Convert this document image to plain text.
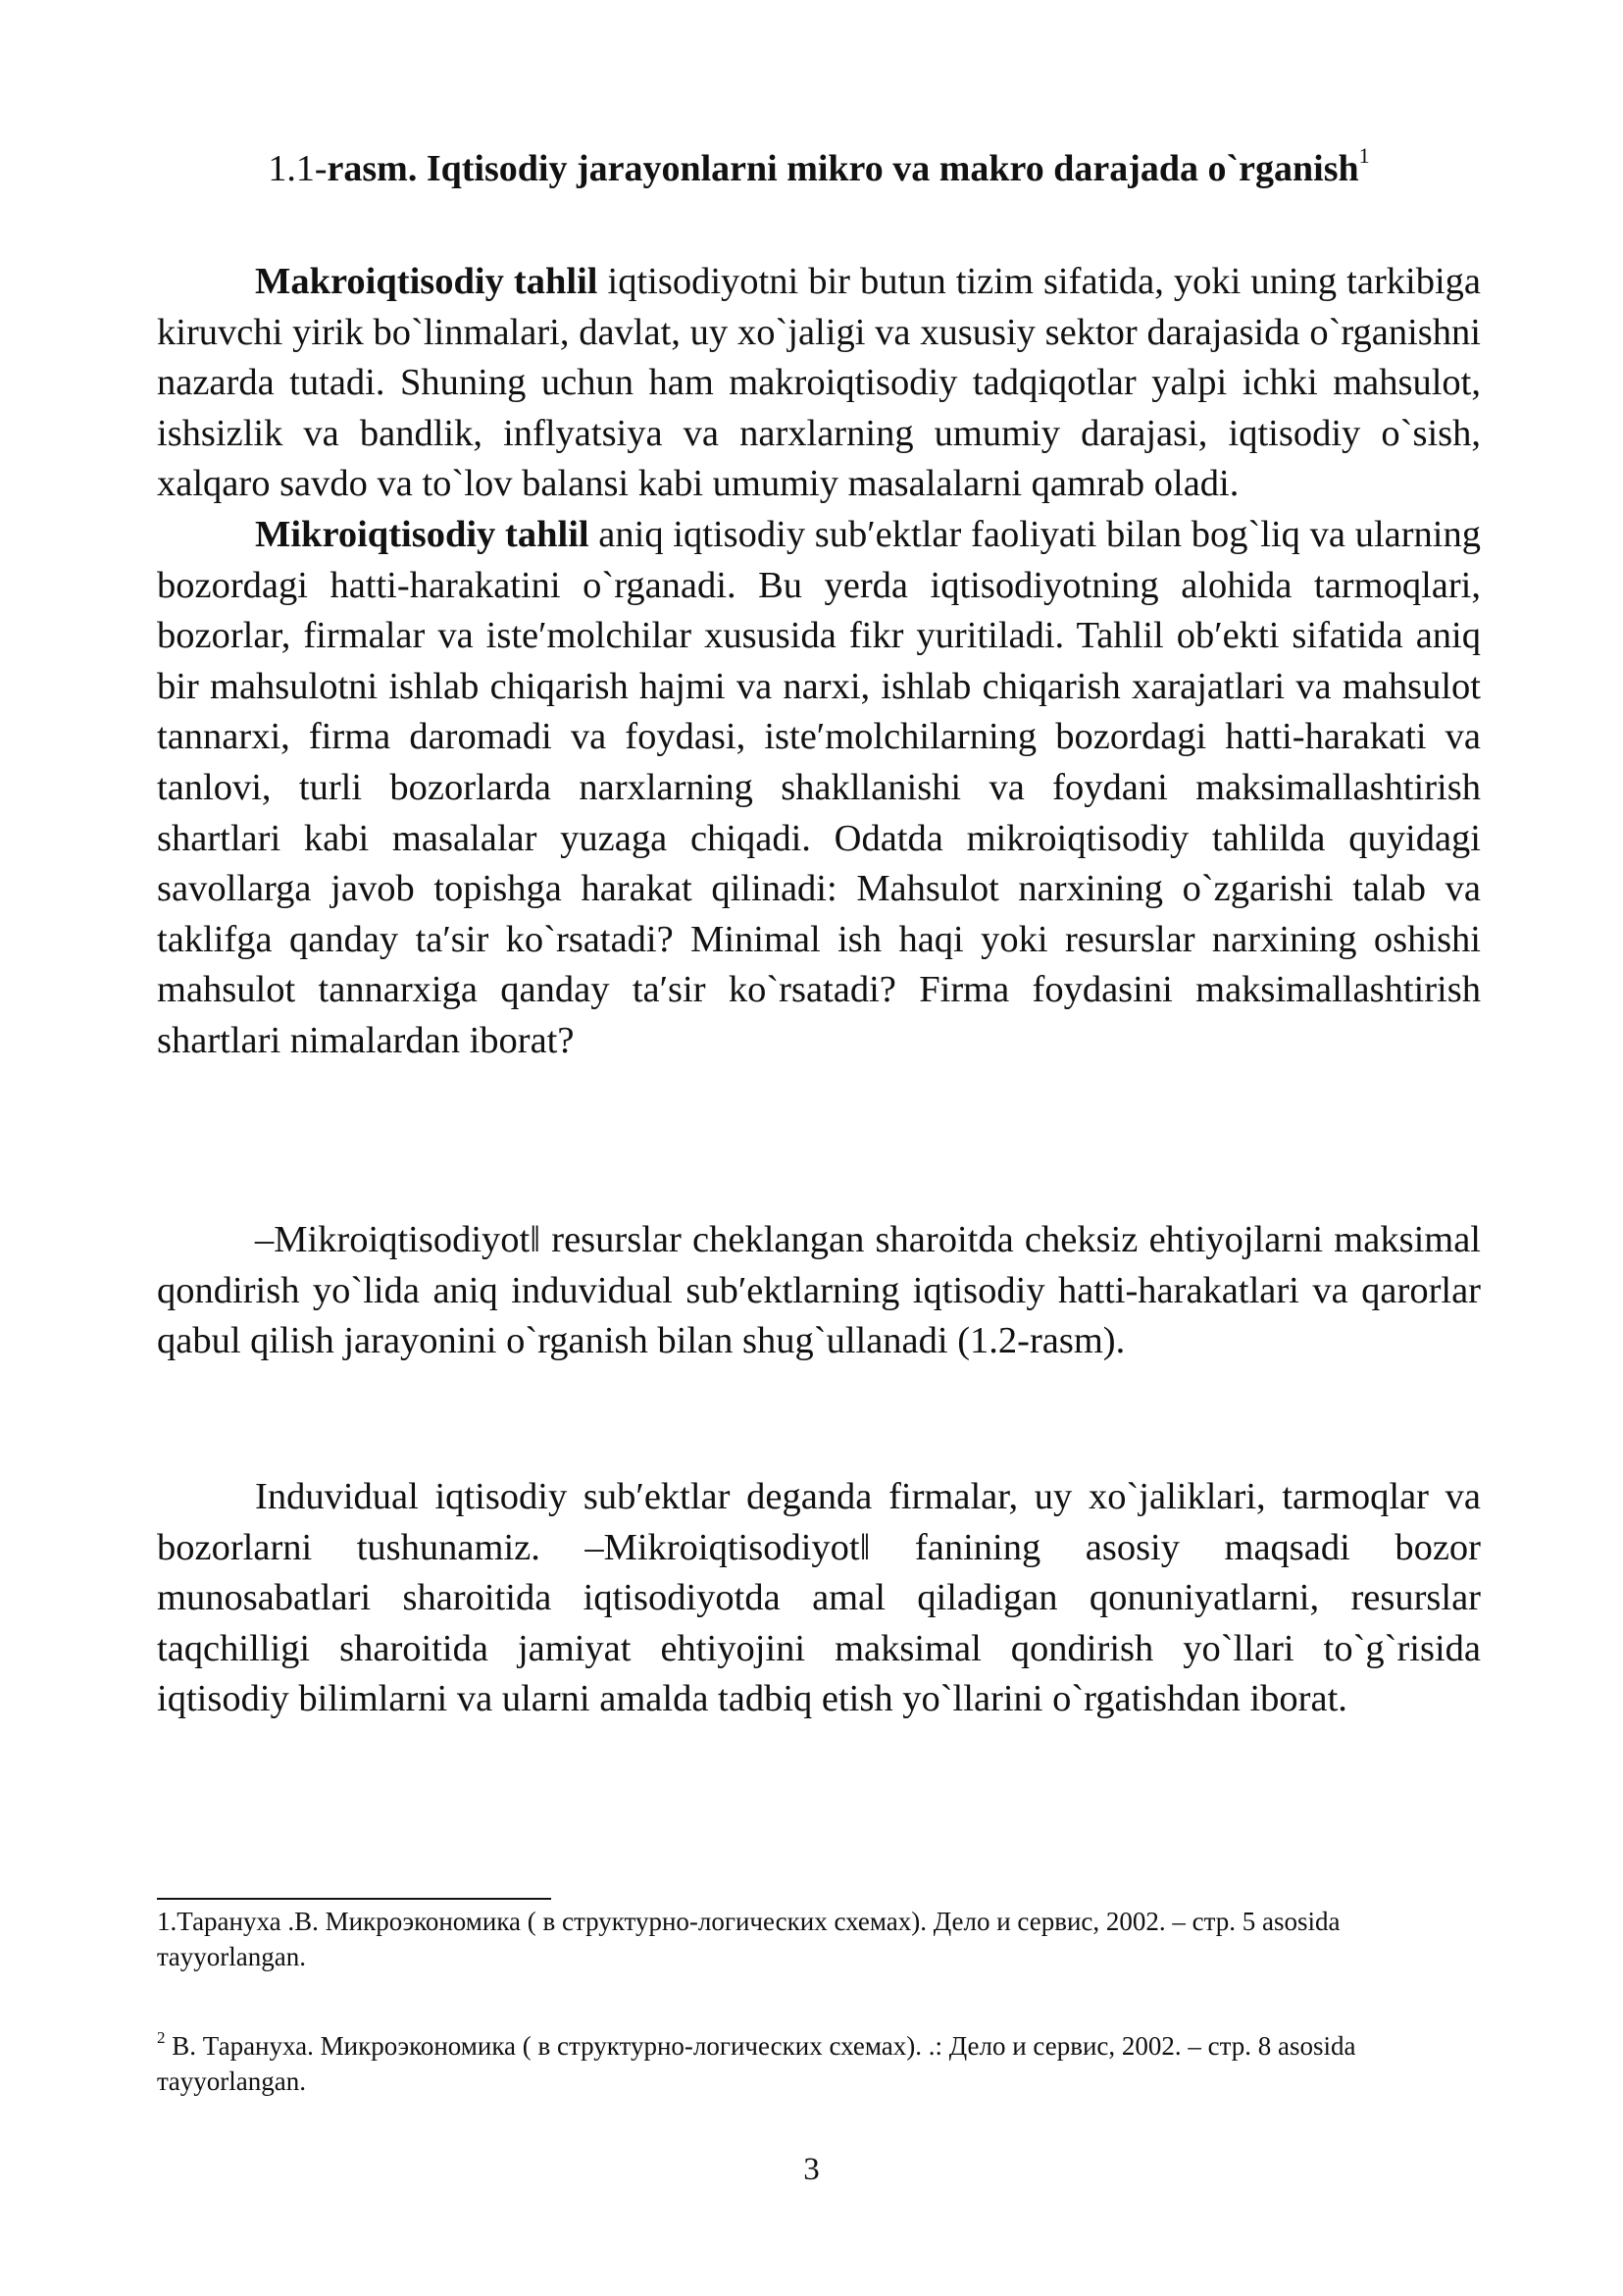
1.1-rasm. Iqtisodiy jarayonlarni mikro va makro darajada o`rganish$^1$

Makroiqtisodiy tahlil iqtisodiyotni bir butun tizim sifatida, yoki uning tarkibiga kiruvchi yirik bo`linmalari, davlat, uy xo`jaligi va xususiy sektor darajasida o`rganishni nazarda tutadi. Shuning uchun ham makroiqtisodiy tadqiqotlar yalpi ichki mahsulot, ishsizlik va bandlik, inflyatsiya va narxlarning umumiy darajasi, iqtisodiy o`sish, xalqaro savdo va to`lov balansi kabi umumiy masalalarni qamrab oladi.

Mikroiqtisodiy tahlil aniq iqtisodiy sub′ektlar faoliyati bilan bog`liq va ularning bozordagi hatti-harakatini o`rganadi. Bu yerda iqtisodiyotning alohida tarmoqlari, bozorlar, firmalar va iste′molchilar xususida fikr yuritiladi. Tahlil ob′ekti sifatida aniq bir mahsulotni ishlab chiqarish hajmi va narxi, ishlab chiqarish xarajatlari va mahsulot tannarxi, firma daromadi va foydasi, iste′molchilarning bozordagi hatti-harakati va tanlovi, turli bozorlarda narxlarning shakllanishi va foydani maksimallashtirish shartlari kabi masalalar yuzaga chiqadi. Odatda mikroiqtisodiy tahlilda quyidagi savollarga javob topishga harakat qilinadi: Mahsulot narxining o`zgarishi talab va taklifga qanday ta′sir ko`rsatadi? Minimal ish haqi yoki resurslar narxining oshishi mahsulot tannarxiga qanday ta′sir ko`rsatadi? Firma foydasini maksimallashtirish shartlari nimalardan iborat?

‒Mikroiqtisodiyot‖ resurslar cheklangan sharoitda cheksiz ehtiyojlarni maksimal qondirish yo`lida aniq induvidual sub′ektlarning iqtisodiy hatti-harakatlari va qarorlar qabul qilish jarayonini o`rganish bilan shug`ullanadi (1.2-rasm).

Induvidual iqtisodiy sub′ektlar deganda firmalar, uy xo`jaliklari, tarmoqlar va bozorlarni tushunamiz. ‒Mikroiqtisodiyot‖ fanining asosiy maqsadi bozor munosabatlari sharoitida iqtisodiyotda amal qiladigan qonuniyatlarni, resurslar taqchilligi sharoitida jamiyat ehtiyojini maksimal qondirish yo`llari to`g`risida iqtisodiy bilimlarni va ularni amalda tadbiq etish yo`llarini o`rgatishdan iborat.

1.Тарануха .В. Микроэкономика ( в структурно-логических схемах). Дело и сервис, 2002. – стр. 5 asosida тayyorlangan.

$^2$ В. Тарануха. Микроэкономика ( в структурно-логических схемах). .: Дело и сервис, 2002. – стр. 8 asosida тayyorlangan.

3
